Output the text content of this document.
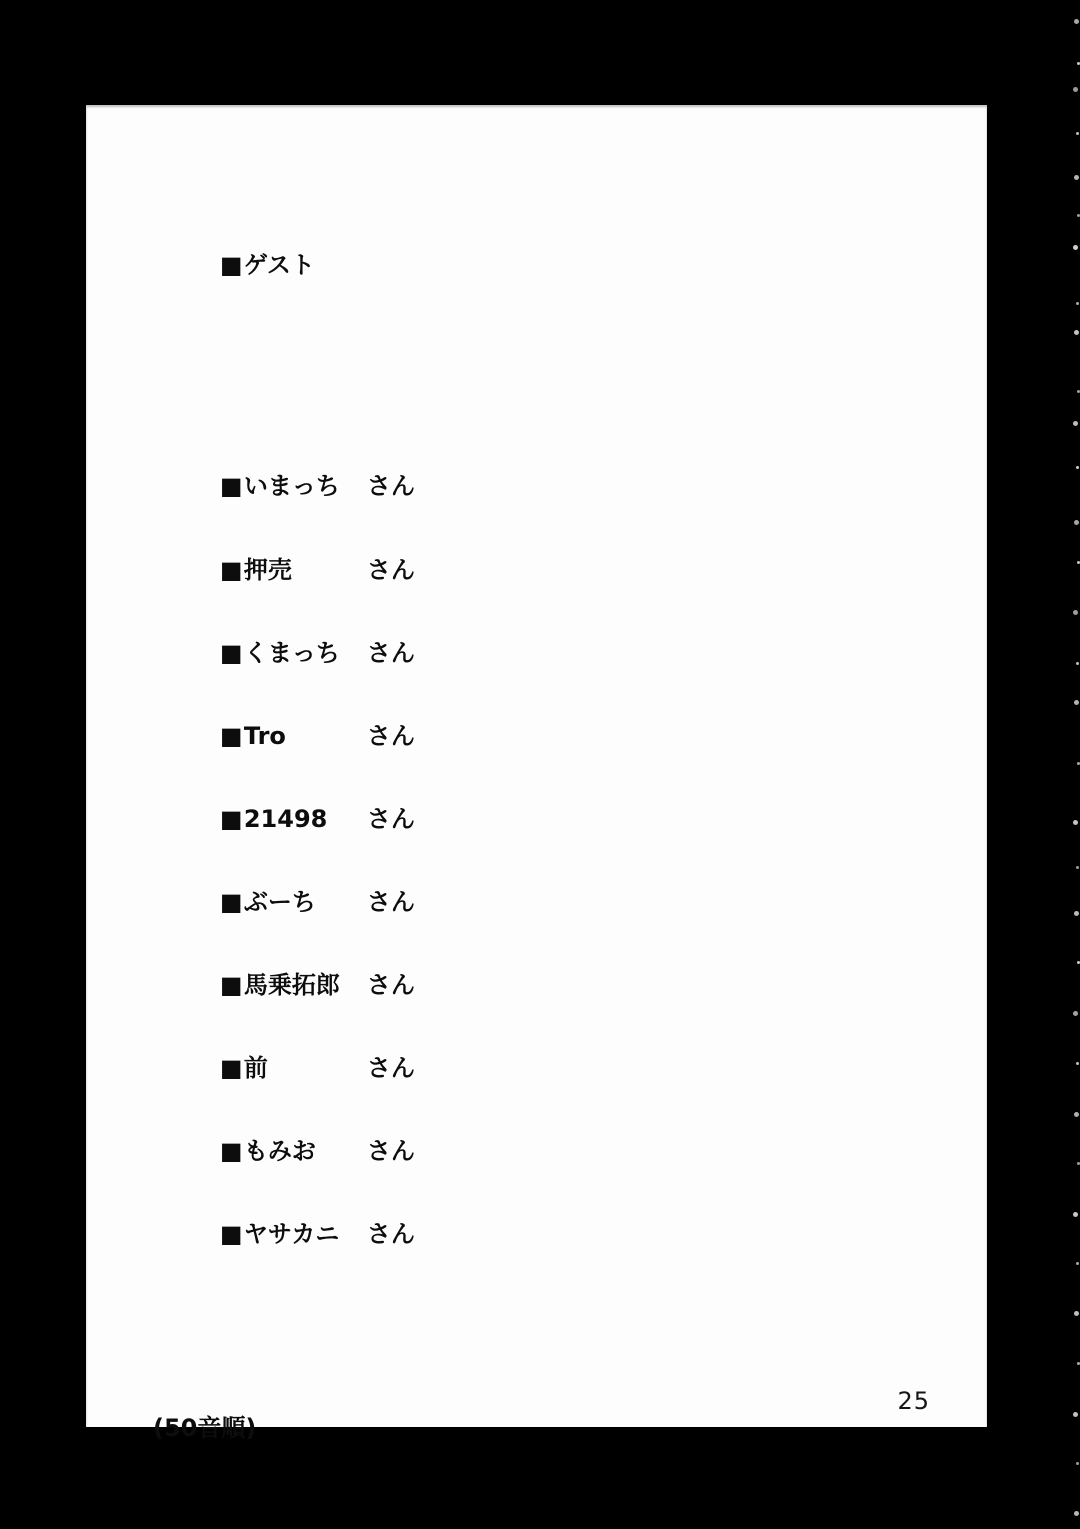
■ゲスト

■いまっち さん

■押売	さん

■くまっち さん

■Tro	さん

■21498 さん

■ぶーち さん

■馬乗拓郎 さん

■前	さん

■もみお さん

■ヤサカニ さん

(50音順)

25
